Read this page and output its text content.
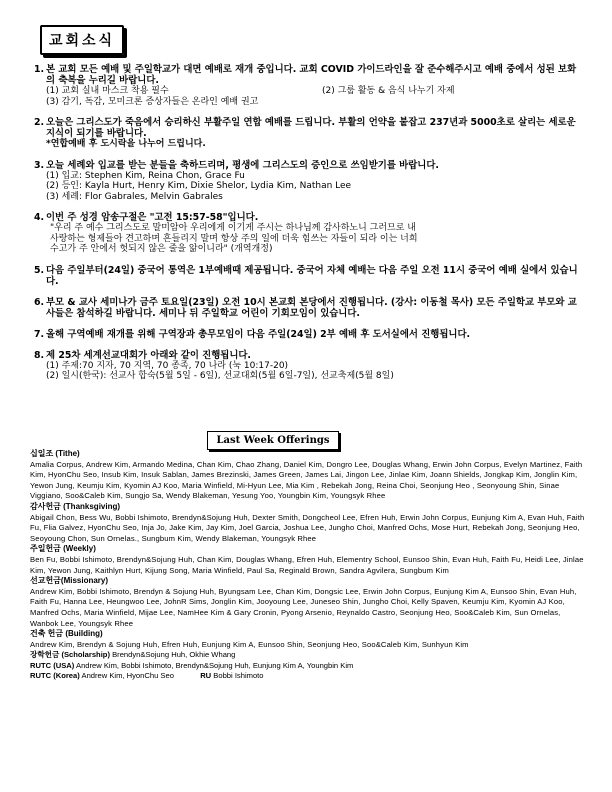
교회소식
1. 본 교회 모든 예배 및 주일학교가 대면 예배로 재개 중입니다. 교회 COVID 가이드라인을 잘 준수해주시고 예배 중에서 성된 보화의 축복을 누리길 바랍니다.
(1) 교회 실내 마스크 착용 필수	(2) 그룹 활동 & 음식 나누기 자제
(3) 감기, 독감, 모미크론 증상자들은 온라인 예배 권고
2. 오늘은 그리스도가 죽음에서 승리하신 부활주일 연합 예배를 드립니다. 부활의 언약을 붙잡고 237년과 5000초로 살리는 세로운 지식이 되기를 바랍니다.
*연합예배 후 도시락을 나누어 드립니다.
3. 오늘 세례와 입교를 받는 분들을 축하드리며, 평생에 그리스도의 증인으로 쓰임받기를 바랍니다.
(1) 입교: Stephen Kim, Reina Chon, Grace Fu
(2) 등인: Kayla Hurt, Henry Kim, Dixie Shelor, Lydia Kim, Nathan Lee
(3) 세례: Flor Gabrales, Melvin Gabrales
4. 이번 주 성경 암송구절은 "고전 15:57-58"입니다.
"우리 주 예수 그리스도로 말미암아 우리에게 이기게 주시는 하나님께 감사하노니 그러므로 내
사랑하는 형제들아 견고하며 흔들리지 말며 항상 주의 일에 더욱 힘쓰는 자들이 되라 이는 너희
수고가 주 안에서 헛되지 않은 줄을 앎이니라" (개역개정)
5. 다음 주일부터(24일) 중국어 통역은 1부예배때 제공됩니다. 중국어 자체 예배는 다음 주일 오전 11시 중국어 예배 실에서 있습니다.
6. 부모 & 교사 세미나가 금주 토요일(23일) 오전 10시 본교회 본당에서 진행됩니다. (강사: 이동철 목사) 모든 주일학교 부모와 교사들은 참석하길 바랍니다. 세미나 뒤 주일학교 어린이 기회모임이 있습니다.
7. 올해 구역예배 재개를 위해 구역장과 총무모임이 다음 주일(24일) 2부 예배 후 도서실에서 진행됩니다.
8. 제 25차 세계선교대회가 아래와 같이 진행됩니다.
(1) 주제:70 지자, 70 지역, 70 종족, 70 나라 (눅 10:17-20)
(2) 일시(한국): 선교사 합숙(5월 5일 - 6일), 선교대회(5월 6일-7일), 선교축제(5월 8일)
Last Week Offerings
십일조 (Tithe)
Amalia Corpus, Andrew Kim, Armando Medina, Chan Kim, Chao Zhang, Daniel Kim, Dongro Lee, Douglas Whang, Erwin John Corpus, Evelyn Martinez, Faith Kim, HyonChu Seo, Insub Kim, Insuk Sablan, James Brezinski, James Green, James Lai, Jingon Lee, Jinlae Kim, Joann Shields, Jongkap Kim, Jonglin Kim, Yewon Jung, Keumju Kim, Kyomin AJ Koo, Maria Winfield, Mi-Hyun Lee, Mia Kim , Rebekah Jong, Reina Choi, Seonjung Heo , Seonyoung Shin, Sinae Viggiano, Soo&Caleb Kim, Sungjo Sa, Wendy Blakeman, Yesung Yoo, Youngbin Kim, Youngsyk Rhee
감사헌금 (Thanksgiving)
Abigail Chon, Bess Wu, Bobbi Ishimoto, Brendyn&Sojung Huh, Dexter Smith, Dongcheol Lee, Efren Huh, Erwin John Corpus, Eunjung Kim A, Evan Huh, Faith Fu, Flia Galvez, HyonChu Seo, Inja Jo, Jake Kim, Jay Kim, Joel Garcia, Joshua Lee, Jungho Choi, Manfred Ochs, Mose Hurt, Rebekah Jong, Seonjung Heo, Seoyoung Chon, Sun Ornelas., Sungbum Kim, Wendy Blakeman, Youngsyk Rhee
주일헌금 (Weekly)
Ben Fu, Bobbi Ishimoto, Brendyn&Sojung Huh, Chan Kim, Douglas Whang, Efren Huh, Elementry School, Eunsoo Shin, Evan Huh, Faith Fu, Heidi Lee, Jinlae Kim, Yewon Jung, Kaithlyn Hurt, Kijung Song, Maria Winfield, Paul Sa, Reginald Brown, Sandra Agvilera, Sungbum Kim
선교헌금(Missionary)
Andrew Kim, Bobbi Ishimoto, Brendyn & Sojung Huh, Byungsam Lee, Chan Kim, Dongsic Lee, Erwin John Corpus, Eunjung Kim A, Eunsoo Shin, Evan Huh, Faith Fu, Hanna Lee, Heungwoo Lee, JohnR Sims, Jonglin Kim, Jooyoung Lee, Juneseo Shin, Jungho Choi, Kelly Spaven, Keumju Kim, Kyomin AJ Koo, Manfred Ochs, Maria Winfield, Mijae Lee, NamHee Kim & Gary Cronin, Pyong Arsenio, Reynaldo Castro, Seonjung Heo, Soo&Caleb Kim, Sun Ornelas, Wanbok Lee, Youngsyk Rhee
건축 헌금 (Building)
Andrew Kim, Brendyn & Sojung Huh, Efren Huh, Eunjung Kim A, Eunsoo Shin, Seonjung Heo, Soo&Caleb Kim, Sunhyun Kim
장학헌금 (Scholarship) Brendyn&Sojung Huh, Okhie Whang
RUTC (USA) Andrew Kim, Bobbi Ishimoto, Brendyn&Sojung Huh, Eunjung Kim A, Youngbin Kim
RUTC (Korea) Andrew Kim, HyonChu Seo	RU Bobbi Ishimoto
